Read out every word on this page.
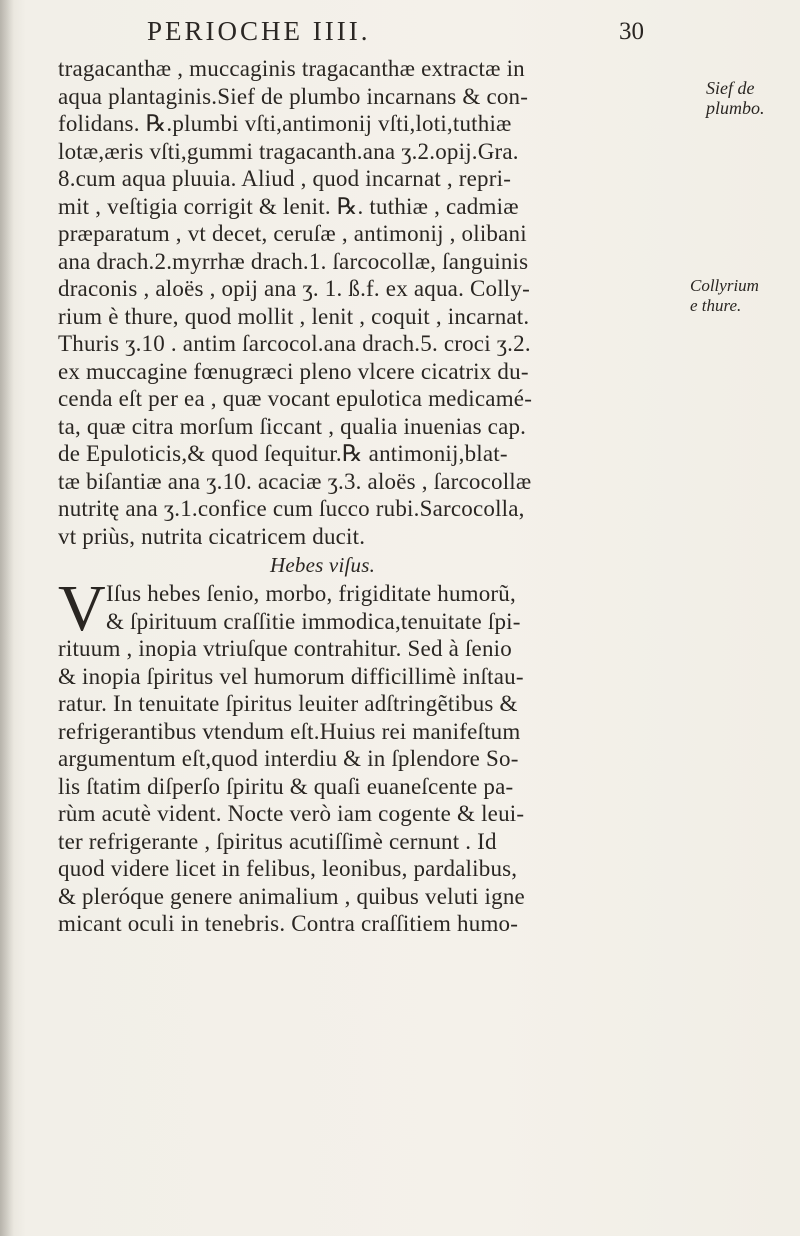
PERIOCHE IIII.	30
Sief de
plumbo.
Collyrium
e thure.
tragacanthæ , muccaginis tragacanthæ extractæ in
aqua plantaginis.Sief de plumbo incarnans & con-
folidans. ℞.plumbi vſti,antimonij vſti,loti,tuthiæ
lotæ,æris vſti,gummi tragacanth.ana ʒ.2.opij.Gra.
8.cum aqua pluuia. Aliud , quod incarnat , repri-
mit , veſtigia corrigit & lenit. ℞. tuthiæ , cadmiæ
præparatum , vt decet, ceruſæ , antimonij , olibani
ana drach.2.myrrhæ drach.1. ſarcocollæ, ſanguinis
draconis , aloës , opij ana ʒ. 1. ß.f. ex aqua. Colly-
rium è thure, quod mollit , lenit , coquit , incarnat.
Thuris ʒ.10 . antim ſarcocol.ana drach.5. croci ʒ.2.
ex muccagine fœnugræci pleno vlcere cicatrix du-
cenda eſt per ea , quæ vocant epulotica medicamé-
ta, quæ citra morſum ſiccant , qualia inuenias cap.
de Epuloticis,& quod ſequitur.℞ antimonij,blat-
tæ biſantiæ ana ʒ.10. acaciæ ʒ.3. aloës , ſarcocollæ
nutritę ana ʒ.1.confice cum ſucco rubi.Sarcocolla,
vt priùs, nutrita cicatricem ducit.
Hebes viſus.
V Iſus hebes ſenio, morbo, frigiditate humorũ,
& ſpirituum craſſitie immodica,tenuitate ſpi-
rituum , inopia vtriuſque contrahitur. Sed à ſenio
& inopia ſpiritus vel humorum difficillimè inſtau-
ratur. In tenuitate ſpiritus leuiter adſtringẽtibus &
refrigerantibus vtendum eſt.Huius rei manifeſtum
argumentum eſt,quod interdiu & in ſplendore So-
lis ſtatim diſperſo ſpiritu & quaſi euaneſcente pa-
rùm acutè vident. Nocte verò iam cogente & leui-
ter refrigerante , ſpiritus acutiſſimè cernunt . Id
quod videre licet in felibus, leonibus, pardalibus,
& pleróque genere animalium , quibus veluti igne
micant oculi in tenebris. Contra craſſitiem humo-
